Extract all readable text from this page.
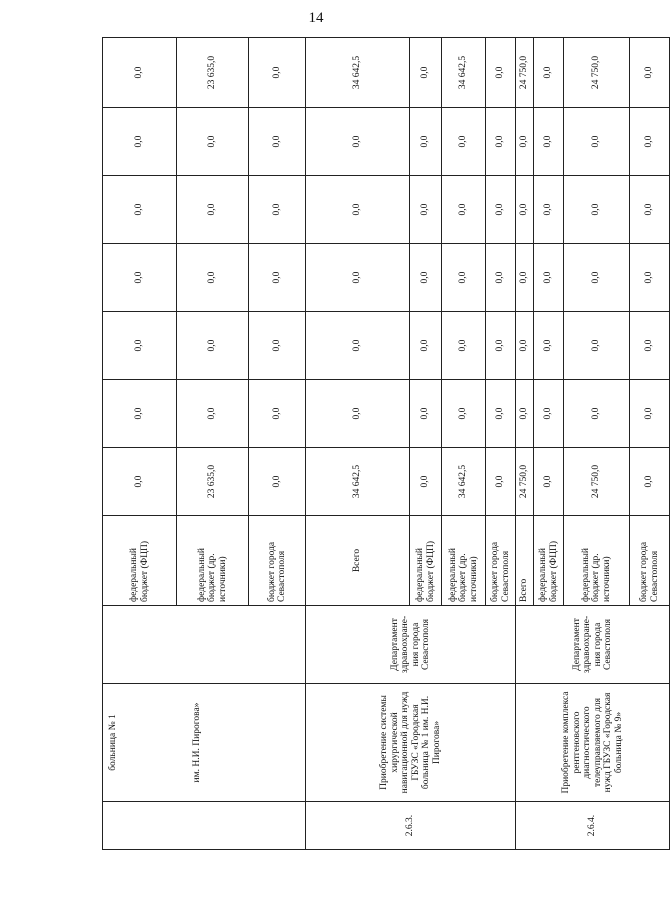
14

	больница № 1 им. Н.И. Пирогова»		федеральный бюджет (ФЦП)	0,0	0,0	0,0	0,0	0,0	0,0	0,0
			федеральный бюджет (др. источники)	23 635,0	0,0	0,0	0,0	0,0	0,0	23 635,0
			бюджет города Севастополя	0,0	0,0	0,0	0,0	0,0	0,0	0,0
2.6.3.	Приобретение системы хирургической навигационной для нужд ГБУЗС «Городская больница № 1 им. Н.И. Пирогова»	Департамент здравоохране-ния города Севастополя	Всего	34 642,5	0,0	0,0	0,0	0,0	0,0	34 642,5
			федеральный бюджет (ФЦП)	0,0	0,0	0,0	0,0	0,0	0,0	0,0
			федеральный бюджет (др. источники)	34 642,5	0,0	0,0	0,0	0,0	0,0	34 642,5
			бюджет города Севастополя	0,0	0,0	0,0	0,0	0,0	0,0	0,0
2.6.4.	Приобретение комплекса рентгеновского диагностического телеуправляемого для нужд ГБУЗС «Городская больница № 9»	Департамент здравоохране-ния города Севастополя	Всего	24 750,0	0,0	0,0	0,0	0,0	0,0	24 750,0
			федеральный бюджет (ФЦП)	0,0	0,0	0,0	0,0	0,0	0,0	0,0
			федеральный бюджет (др. источники)	24 750,0	0,0	0,0	0,0	0,0	0,0	24 750,0
			бюджет города Севастополя	0,0	0,0	0,0	0,0	0,0	0,0	0,0
